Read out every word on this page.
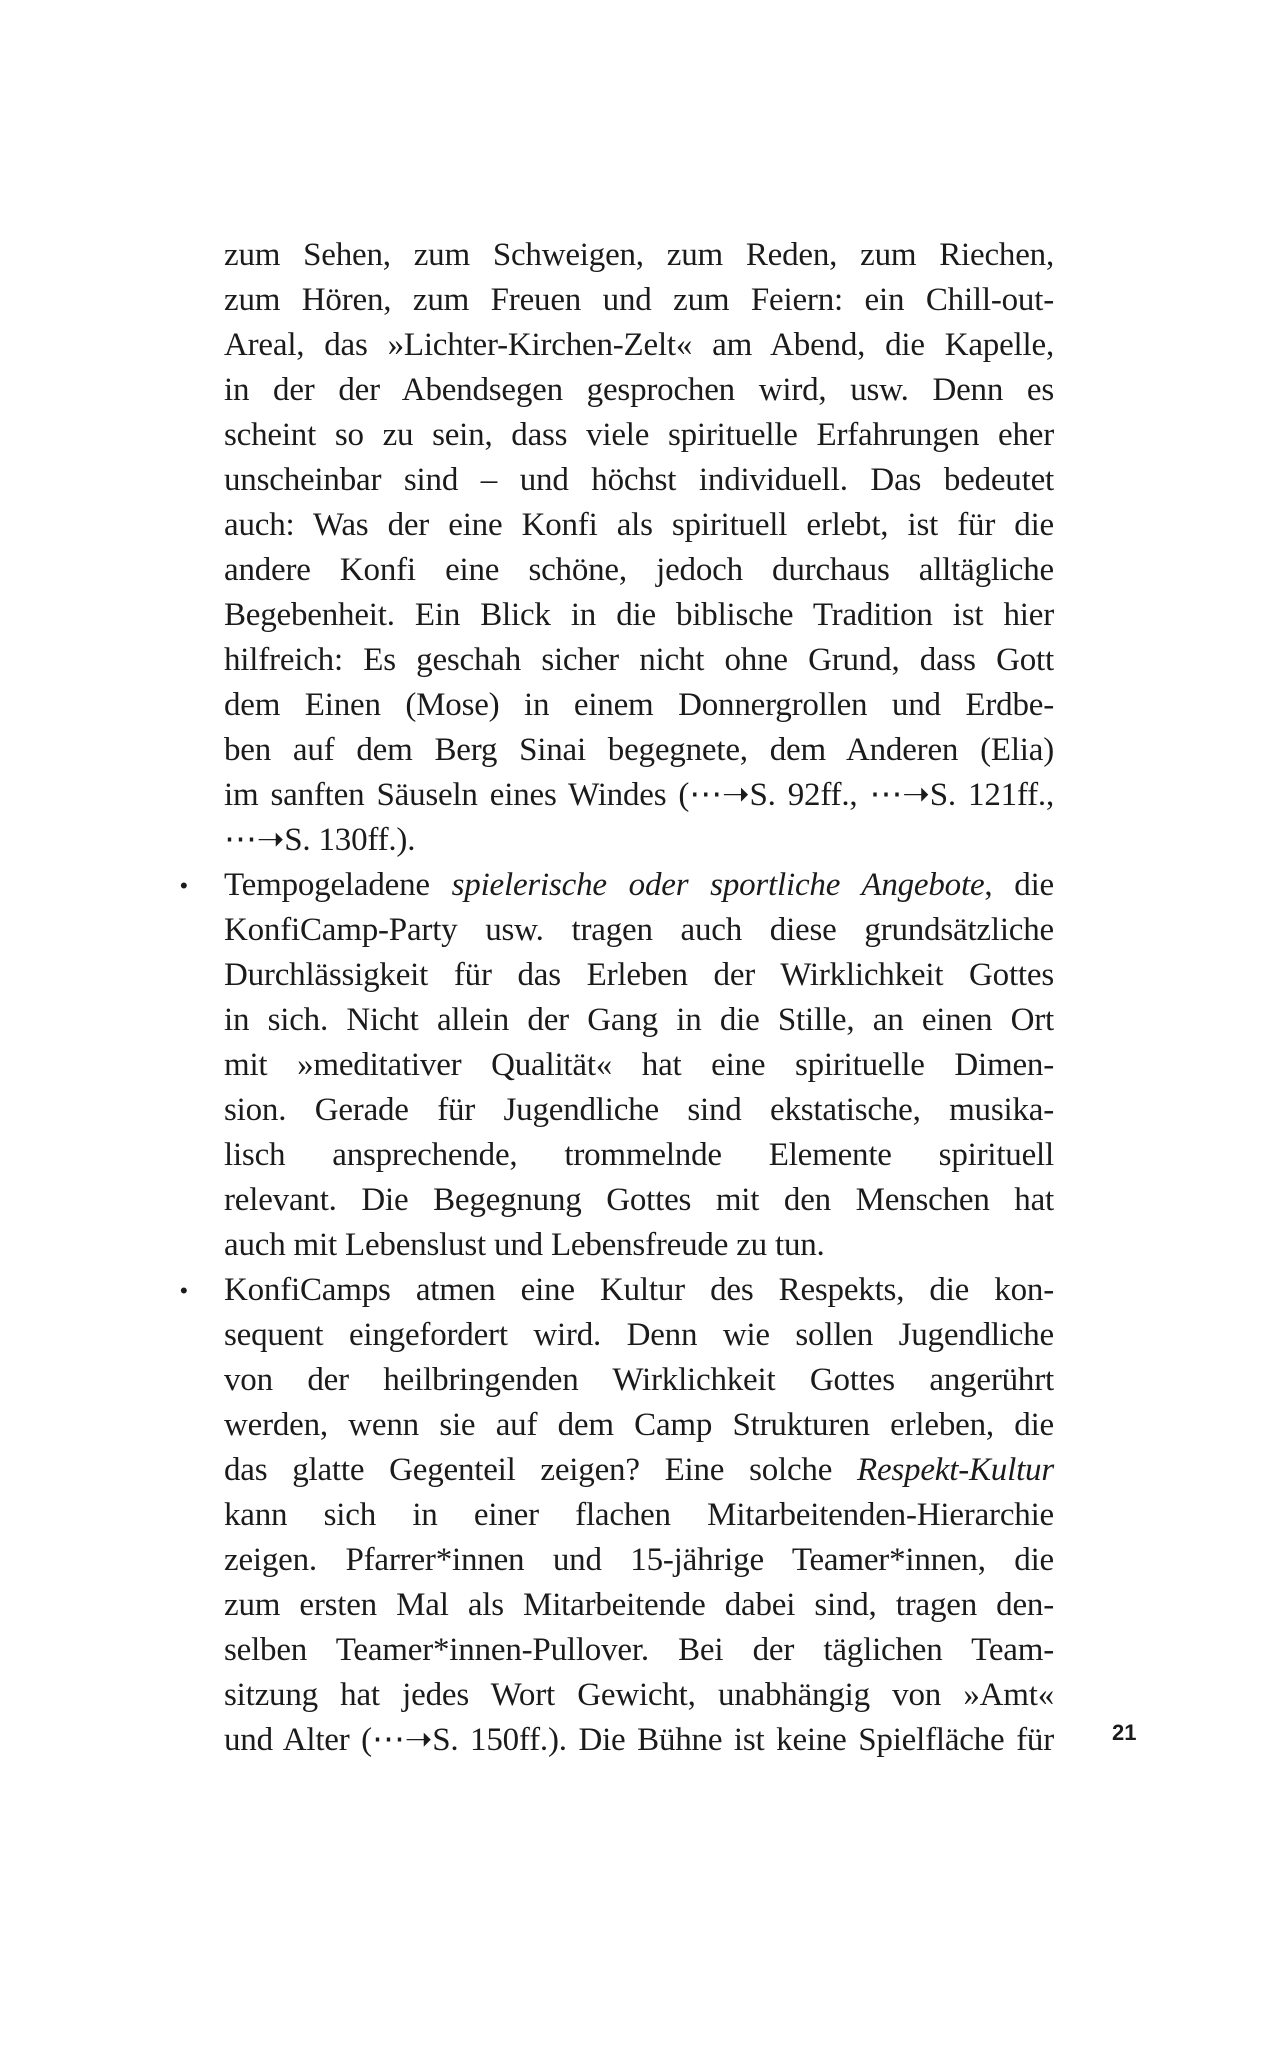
zum Sehen, zum Schweigen, zum Reden, zum Riechen,
zum Hören, zum Freuen und zum Feiern: ein Chill-out-
Areal, das »Lichter-Kirchen-Zelt« am Abend, die Kapelle,
in der der Abendsegen gesprochen wird, usw. Denn es
scheint so zu sein, dass viele spirituelle Erfahrungen eher
unscheinbar sind – und höchst individuell. Das bedeutet
auch: Was der eine Konfi als spirituell erlebt, ist für die
andere Konfi eine schöne, jedoch durchaus alltägliche
Begebenheit. Ein Blick in die biblische Tradition ist hier
hilfreich: Es geschah sicher nicht ohne Grund, dass Gott
dem Einen (Mose) in einem Donnergrollen und Erdbe-
ben auf dem Berg Sinai begegnete, dem Anderen (Elia)
im sanften Säuseln eines Windes (⋯➝S. 92ff., ⋯➝S. 121ff.,
⋯➝S. 130ff.).
•	Tempogeladene spielerische oder sportliche Angebote, die
KonfiCamp-Party usw. tragen auch diese grundsätzliche
Durchlässigkeit für das Erleben der Wirklichkeit Gottes
in sich. Nicht allein der Gang in die Stille, an einen Ort
mit »meditativer Qualität« hat eine spirituelle Dimen-
sion. Gerade für Jugendliche sind ekstatische, musika-
lisch ansprechende, trommelnde Elemente spirituell
relevant. Die Begegnung Gottes mit den Menschen hat
auch mit Lebenslust und Lebensfreude zu tun.
•	KonfiCamps atmen eine Kultur des Respekts, die kon-
sequent eingefordert wird. Denn wie sollen Jugendliche
von der heilbringenden Wirklichkeit Gottes angerührt
werden, wenn sie auf dem Camp Strukturen erleben, die
das glatte Gegenteil zeigen? Eine solche Respekt-Kultur
kann sich in einer flachen Mitarbeitenden-Hierarchie
zeigen. Pfarrer*innen und 15-jährige Teamer*innen, die
zum ersten Mal als Mitarbeitende dabei sind, tragen den-
selben Teamer*innen-Pullover. Bei der täglichen Team-
sitzung hat jedes Wort Gewicht, unabhängig von »Amt«
und Alter (⋯➝S. 150ff.). Die Bühne ist keine Spielfläche für	21
